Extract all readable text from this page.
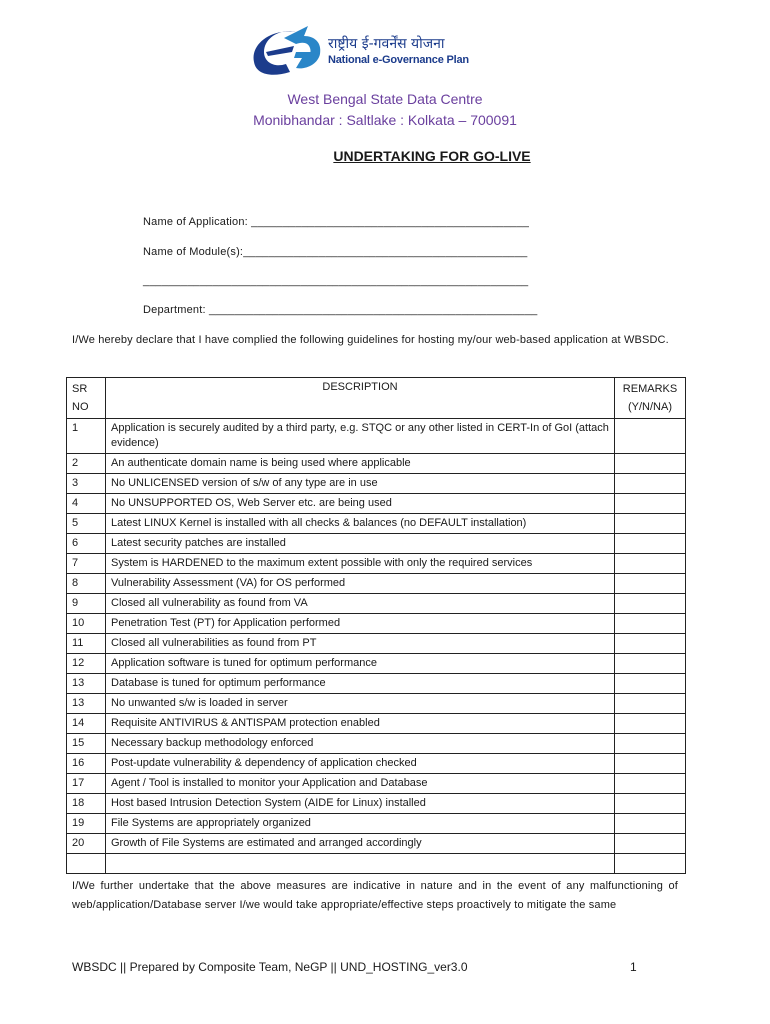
राष्ट्रीय ई-गवर्नेंस योजना
National e-Governance Plan
West Bengal State Data Centre
Monibhandar : Saltlake : Kolkata – 700091
UNDERTAKING FOR GO-LIVE
Name of Application: ____________________________________________
Name of Module(s):_____________________________________________
_____________________________________________________________
Department: ____________________________________________________
I/We hereby declare that I have complied the following guidelines for hosting my/our web-based application at WBSDC.
SR
NO	DESCRIPTION	REMARKS
(Y/N/NA)
1	Application is securely audited by a third party, e.g. STQC or any other listed in CERT-In of GoI (attach evidence)	
2	An authenticate domain name is being used where applicable	
3	No UNLICENSED version of s/w of any type are in use	
4	No UNSUPPORTED OS, Web Server etc. are being used	
5	Latest LINUX Kernel is installed with all checks & balances (no DEFAULT installation)	
6	Latest security patches are installed	
7	System is HARDENED to the maximum extent possible with only the required services	
8	Vulnerability Assessment (VA) for OS performed	
9	Closed all vulnerability as found from VA	
10	Penetration Test (PT) for Application performed	
11	Closed all vulnerabilities as found from PT	
12	Application software is tuned for optimum performance	
13	Database is tuned for optimum performance	
13	No unwanted s/w is loaded in server	
14	Requisite ANTIVIRUS & ANTISPAM protection enabled	
15	Necessary backup methodology enforced	
16	Post-update vulnerability & dependency of application checked	
17	Agent / Tool is installed to monitor your Application and Database	
18	Host based Intrusion Detection System (AIDE for Linux) installed	
19	File Systems are appropriately organized	
20	Growth of File Systems are estimated and arranged accordingly	

I/We further undertake that the above measures are indicative in nature and in the event of any malfunctioning of web/application/Database server I/we would take appropriate/effective steps proactively to mitigate the same
WBSDC || Prepared by Composite Team, NeGP || UND_HOSTING_ver3.0	1
